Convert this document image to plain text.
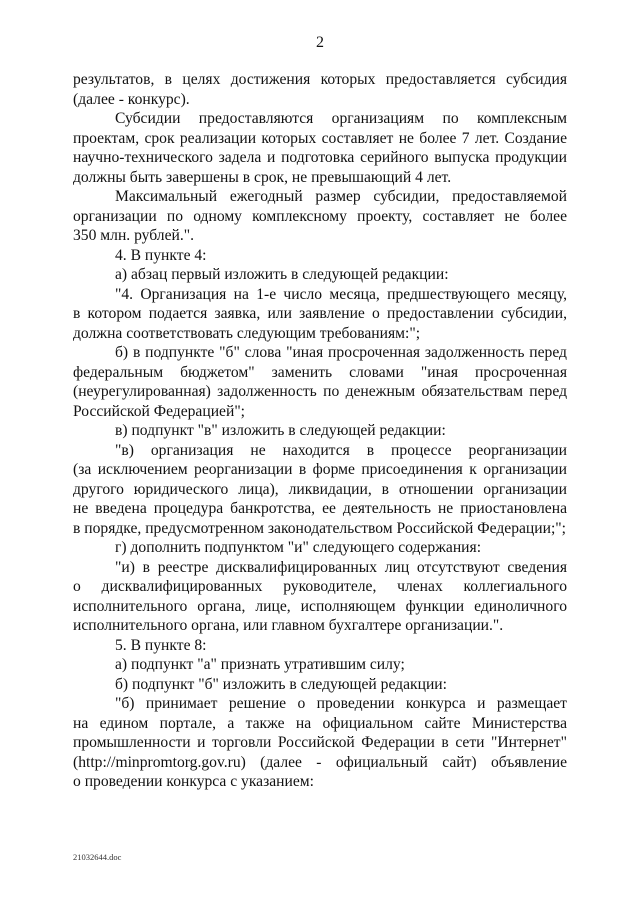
2
результатов, в целях достижения которых предоставляется субсидия
(далее - конкурс).
Субсидии предоставляются организациям по комплексным
проектам, срок реализации которых составляет не более 7 лет. Создание
научно-технического задела и подготовка серийного выпуска продукции
должны быть завершены в срок, не превышающий 4 лет.
Максимальный ежегодный размер субсидии, предоставляемой
организации по одному комплексному проекту, составляет не более
350 млн. рублей.".
4. В пункте 4:
а) абзац первый изложить в следующей редакции:
"4. Организация на 1-е число месяца, предшествующего месяцу,
в котором подается заявка, или заявление о предоставлении субсидии,
должна соответствовать следующим требованиям:";
б) в подпункте "б" слова "иная просроченная задолженность перед
федеральным бюджетом" заменить словами "иная просроченная
(неурегулированная) задолженность по денежным обязательствам перед
Российской Федерацией";
в) подпункт "в" изложить в следующей редакции:
"в) организация не находится в процессе реорганизации
(за исключением реорганизации в форме присоединения к организации
другого юридического лица), ликвидации, в отношении организации
не введена процедура банкротства, ее деятельность не приостановлена
в порядке, предусмотренном законодательством Российской Федерации;";
г) дополнить подпунктом "и" следующего содержания:
"и) в реестре дисквалифицированных лиц отсутствуют сведения
о дисквалифицированных руководителе, членах коллегиального
исполнительного органа, лице, исполняющем функции единоличного
исполнительного органа, или главном бухгалтере организации.".
5. В пункте 8:
а) подпункт "а" признать утратившим силу;
б) подпункт "б" изложить в следующей редакции:
"б) принимает решение о проведении конкурса и размещает
на едином портале, а также на официальном сайте Министерства
промышленности и торговли Российской Федерации в сети "Интернет"
(http://minpromtorg.gov.ru) (далее - официальный сайт) объявление
о проведении конкурса с указанием:
21032644.doc
